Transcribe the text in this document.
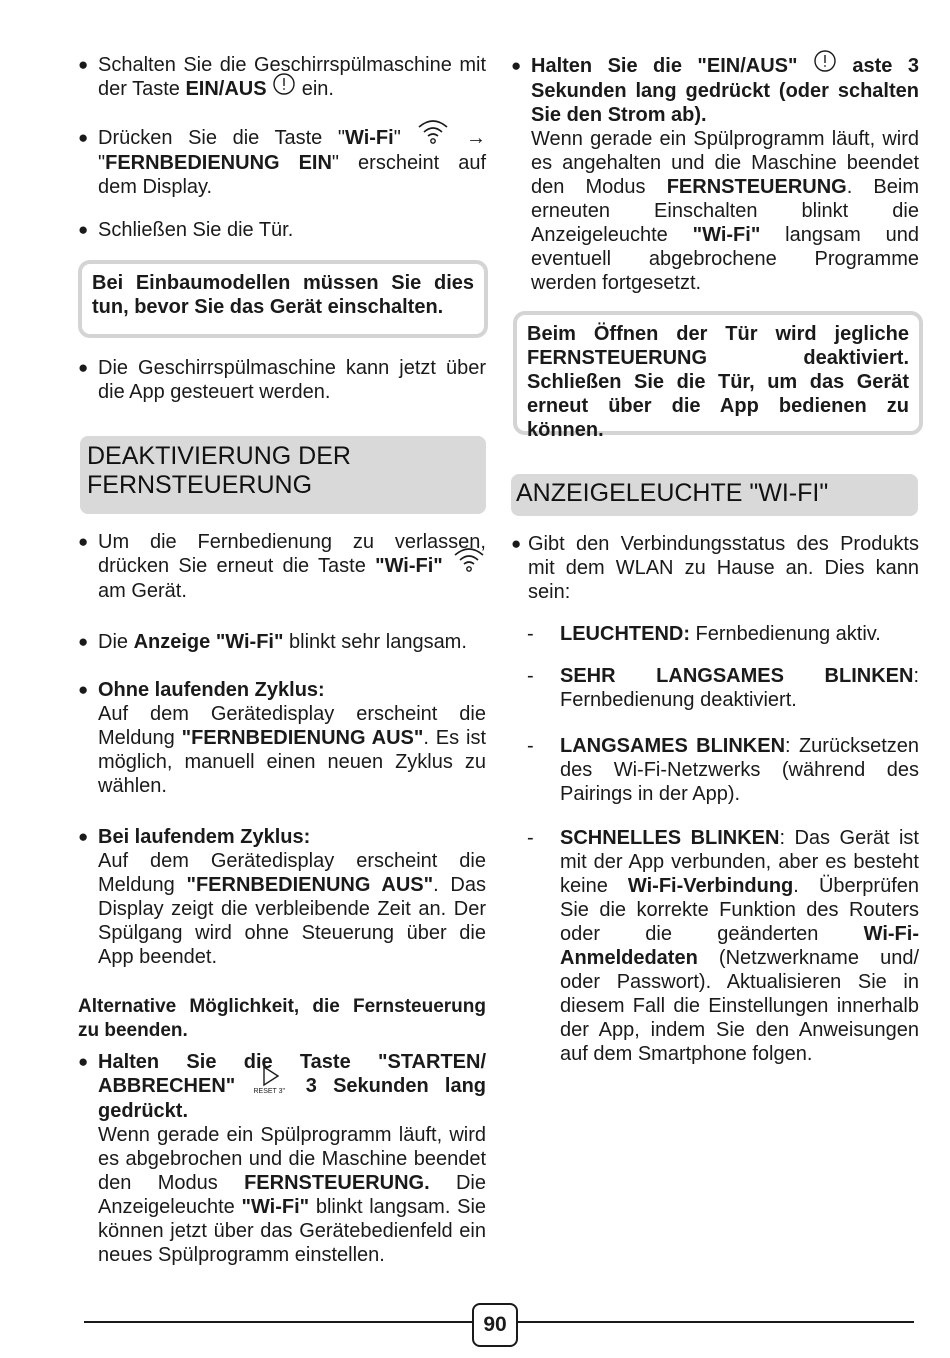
● Schalten Sie die Geschirrspülmaschine mit der Taste EIN/AUS  ein.
● Drücken Sie die Taste "Wi-Fi"  → "FERNBEDIENUNG EIN" erscheint auf dem Display.
● Schließen Sie die Tür.
Bei Einbaumodellen müssen Sie dies tun, bevor Sie das Gerät einschalten.
● Die Geschirrspülmaschine kann jetzt über die App gesteuert werden.
DEAKTIVIERUNG DER FERNSTEUERUNG
● Um die Fernbedienung zu verlassen, drücken Sie erneut die Taste "Wi-Fi"  am Gerät.
● Die Anzeige "Wi-Fi" blinkt sehr langsam.
● Ohne laufenden Zyklus:
Auf dem Gerätedisplay erscheint die Meldung "FERNBEDIENUNG AUS". Es ist möglich, manuell einen neuen Zyklus zu wählen.
● Bei laufendem Zyklus:
Auf dem Gerätedisplay erscheint die Meldung "FERNBEDIENUNG AUS". Das Display zeigt die verbleibende Zeit an. Der Spülgang wird ohne Steuerung über die App beendet.
Alternative Möglichkeit, die Fernsteuerung zu beenden.
● Halten Sie die Taste "STARTEN/ ABBRECHEN" RESET 3" 3 Sekunden lang gedrückt.
Wenn gerade ein Spülprogramm läuft, wird es abgebrochen und die Maschine beendet den Modus FERNSTEUERUNG. Die Anzeigeleuchte "Wi-Fi" blinkt langsam. Sie können jetzt über das Gerätebedienfeld ein neues Spülprogramm einstellen.
● Halten Sie die "EIN/AUS"  aste 3 Sekunden lang gedrückt (oder schalten Sie den Strom ab).
Wenn gerade ein Spülprogramm läuft, wird es angehalten und die Maschine beendet den Modus FERNSTEUERUNG. Beim erneuten Einschalten blinkt die Anzeigeleuchte "Wi-Fi" langsam und eventuell abgebrochene Programme werden fortgesetzt.
Beim Öffnen der Tür wird jegliche FERNSTEUERUNG deaktiviert. Schließen Sie die Tür, um das Gerät erneut über die App bedienen zu können.
ANZEIGELEUCHTE "WI-FI"
● Gibt den Verbindungsstatus des Produkts mit dem WLAN zu Hause an. Dies kann sein:
- LEUCHTEND: Fernbedienung aktiv.
- SEHR LANGSAMES BLINKEN: Fernbedienung deaktiviert.
- LANGSAMES BLINKEN: Zurücksetzen des Wi-Fi-Netzwerks (während des Pairings in der App).
- SCHNELLES BLINKEN: Das Gerät ist mit der App verbunden, aber es besteht keine Wi-Fi-Verbindung. Überprüfen Sie die korrekte Funktion des Routers oder die geänderten Wi-Fi-Anmeldedaten (Netzwerkname und/ oder Passwort). Aktualisieren Sie in diesem Fall die Einstellungen innerhalb der App, indem Sie den Anweisungen auf dem Smartphone folgen.
90
